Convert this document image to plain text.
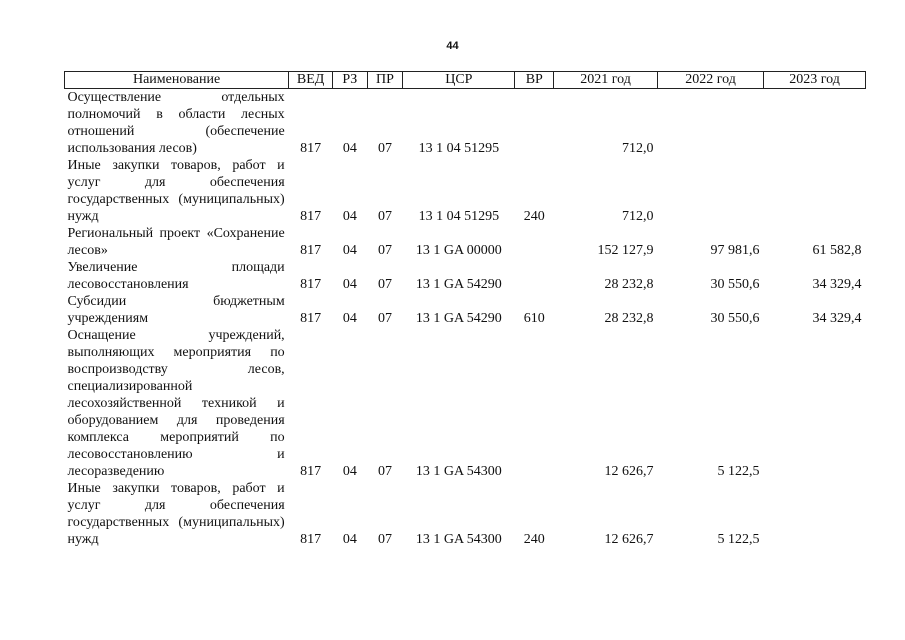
44
Наименование	ВЕД	РЗ	ПР	ЦСР	ВР	2021 год	2022 год	2023 год
Осуществление отдельных полномочий в области лесных отношений (обеспечение использования лесов)	817	04	07	13 1 04 51295		712,0		
Иные закупки товаров, работ и услуг для обеспечения государственных (муниципальных) нужд	817	04	07	13 1 04 51295	240	712,0		
Региональный проект «Сохранение лесов»	817	04	07	13 1 GA 00000		152 127,9	97 981,6	61 582,8
Увеличение площади лесовосстановления	817	04	07	13 1 GA 54290		28 232,8	30 550,6	34 329,4
Субсидии бюджетным учреждениям	817	04	07	13 1 GA 54290	610	28 232,8	30 550,6	34 329,4
Оснащение учреждений, выполняющих мероприятия по воспроизводству лесов, специализированной лесохозяйственной техникой и оборудованием для проведения комплекса мероприятий по лесовосстановлению и лесоразведению	817	04	07	13 1 GA 54300		12 626,7	5 122,5	
Иные закупки товаров, работ и услуг для обеспечения государственных (муниципальных) нужд	817	04	07	13 1 GA 54300	240	12 626,7	5 122,5	
